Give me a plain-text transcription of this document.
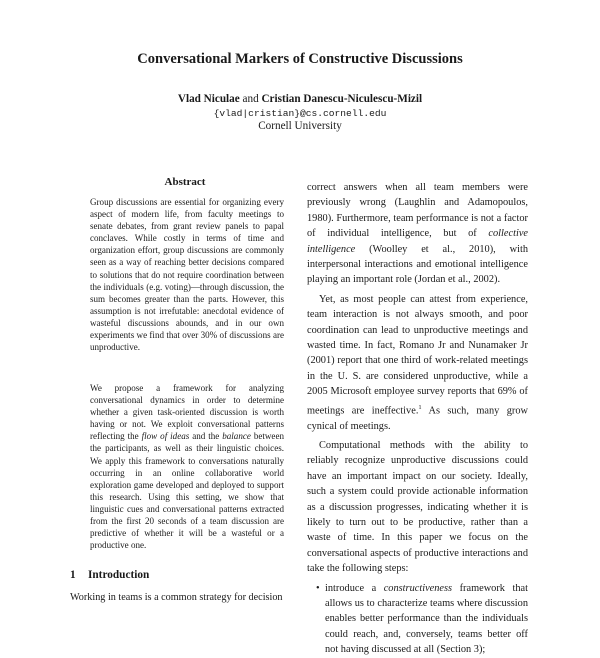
Conversational Markers of Constructive Discussions
Vlad Niculae and Cristian Danescu-Niculescu-Mizil
{vlad|cristian}@cs.cornell.edu
Cornell University
Abstract

Group discussions are essential for organizing every aspect of modern life, from faculty meetings to senate debates, from grant review panels to papal conclaves. While costly in terms of time and organization effort, group discussions are commonly seen as a way of reaching better decisions compared to solutions that do not require coordination between the individuals (e.g. voting)—through discussion, the sum becomes greater than the parts. However, this assumption is not irrefutable: anecdotal evidence of wasteful discussions abounds, and in our own experiments we find that over 30% of discussions are unproductive.

We propose a framework for analyzing conversational dynamics in order to determine whether a given task-oriented discussion is worth having or not. We exploit conversational patterns reflecting the flow of ideas and the balance between the participants, as well as their linguistic choices. We apply this framework to conversations naturally occurring in an online collaborative world exploration game developed and deployed to support this research. Using this setting, we show that linguistic cues and conversational patterns extracted from the first 20 seconds of a team discussion are predictive of whether it will be a wasteful or a productive one.

1 Introduction
Working in teams is a common strategy for decision

correct answers when all team members were previously wrong (Laughlin and Adamopoulos, 1980). Furthermore, team performance is not a factor of individual intelligence, but of collective intelligence (Woolley et al., 2010), with interpersonal interactions and emotional intelligence playing an important role (Jordan et al., 2002).

Yet, as most people can attest from experience, team interaction is not always smooth, and poor coordination can lead to unproductive meetings and wasted time. In fact, Romano Jr and Nunamaker Jr (2001) report that one third of work-related meetings in the U. S. are considered unproductive, while a 2005 Microsoft employee survey reports that 69% of meetings are ineffective.$^1$ As such, many grow cynical of meetings.

Computational methods with the ability to reliably recognize unproductive discussions could have an important impact on our society. Ideally, such a system could provide actionable information as a discussion progresses, indicating whether it is likely to turn out to be productive, rather than a waste of time. In this paper we focus on the conversational aspects of productive interactions and take the following steps:

• introduce a constructiveness framework that allows us to characterize teams where discussion enables better performance than the individuals could reach, and, conversely, teams better off not having discussed at all (Section 3);
